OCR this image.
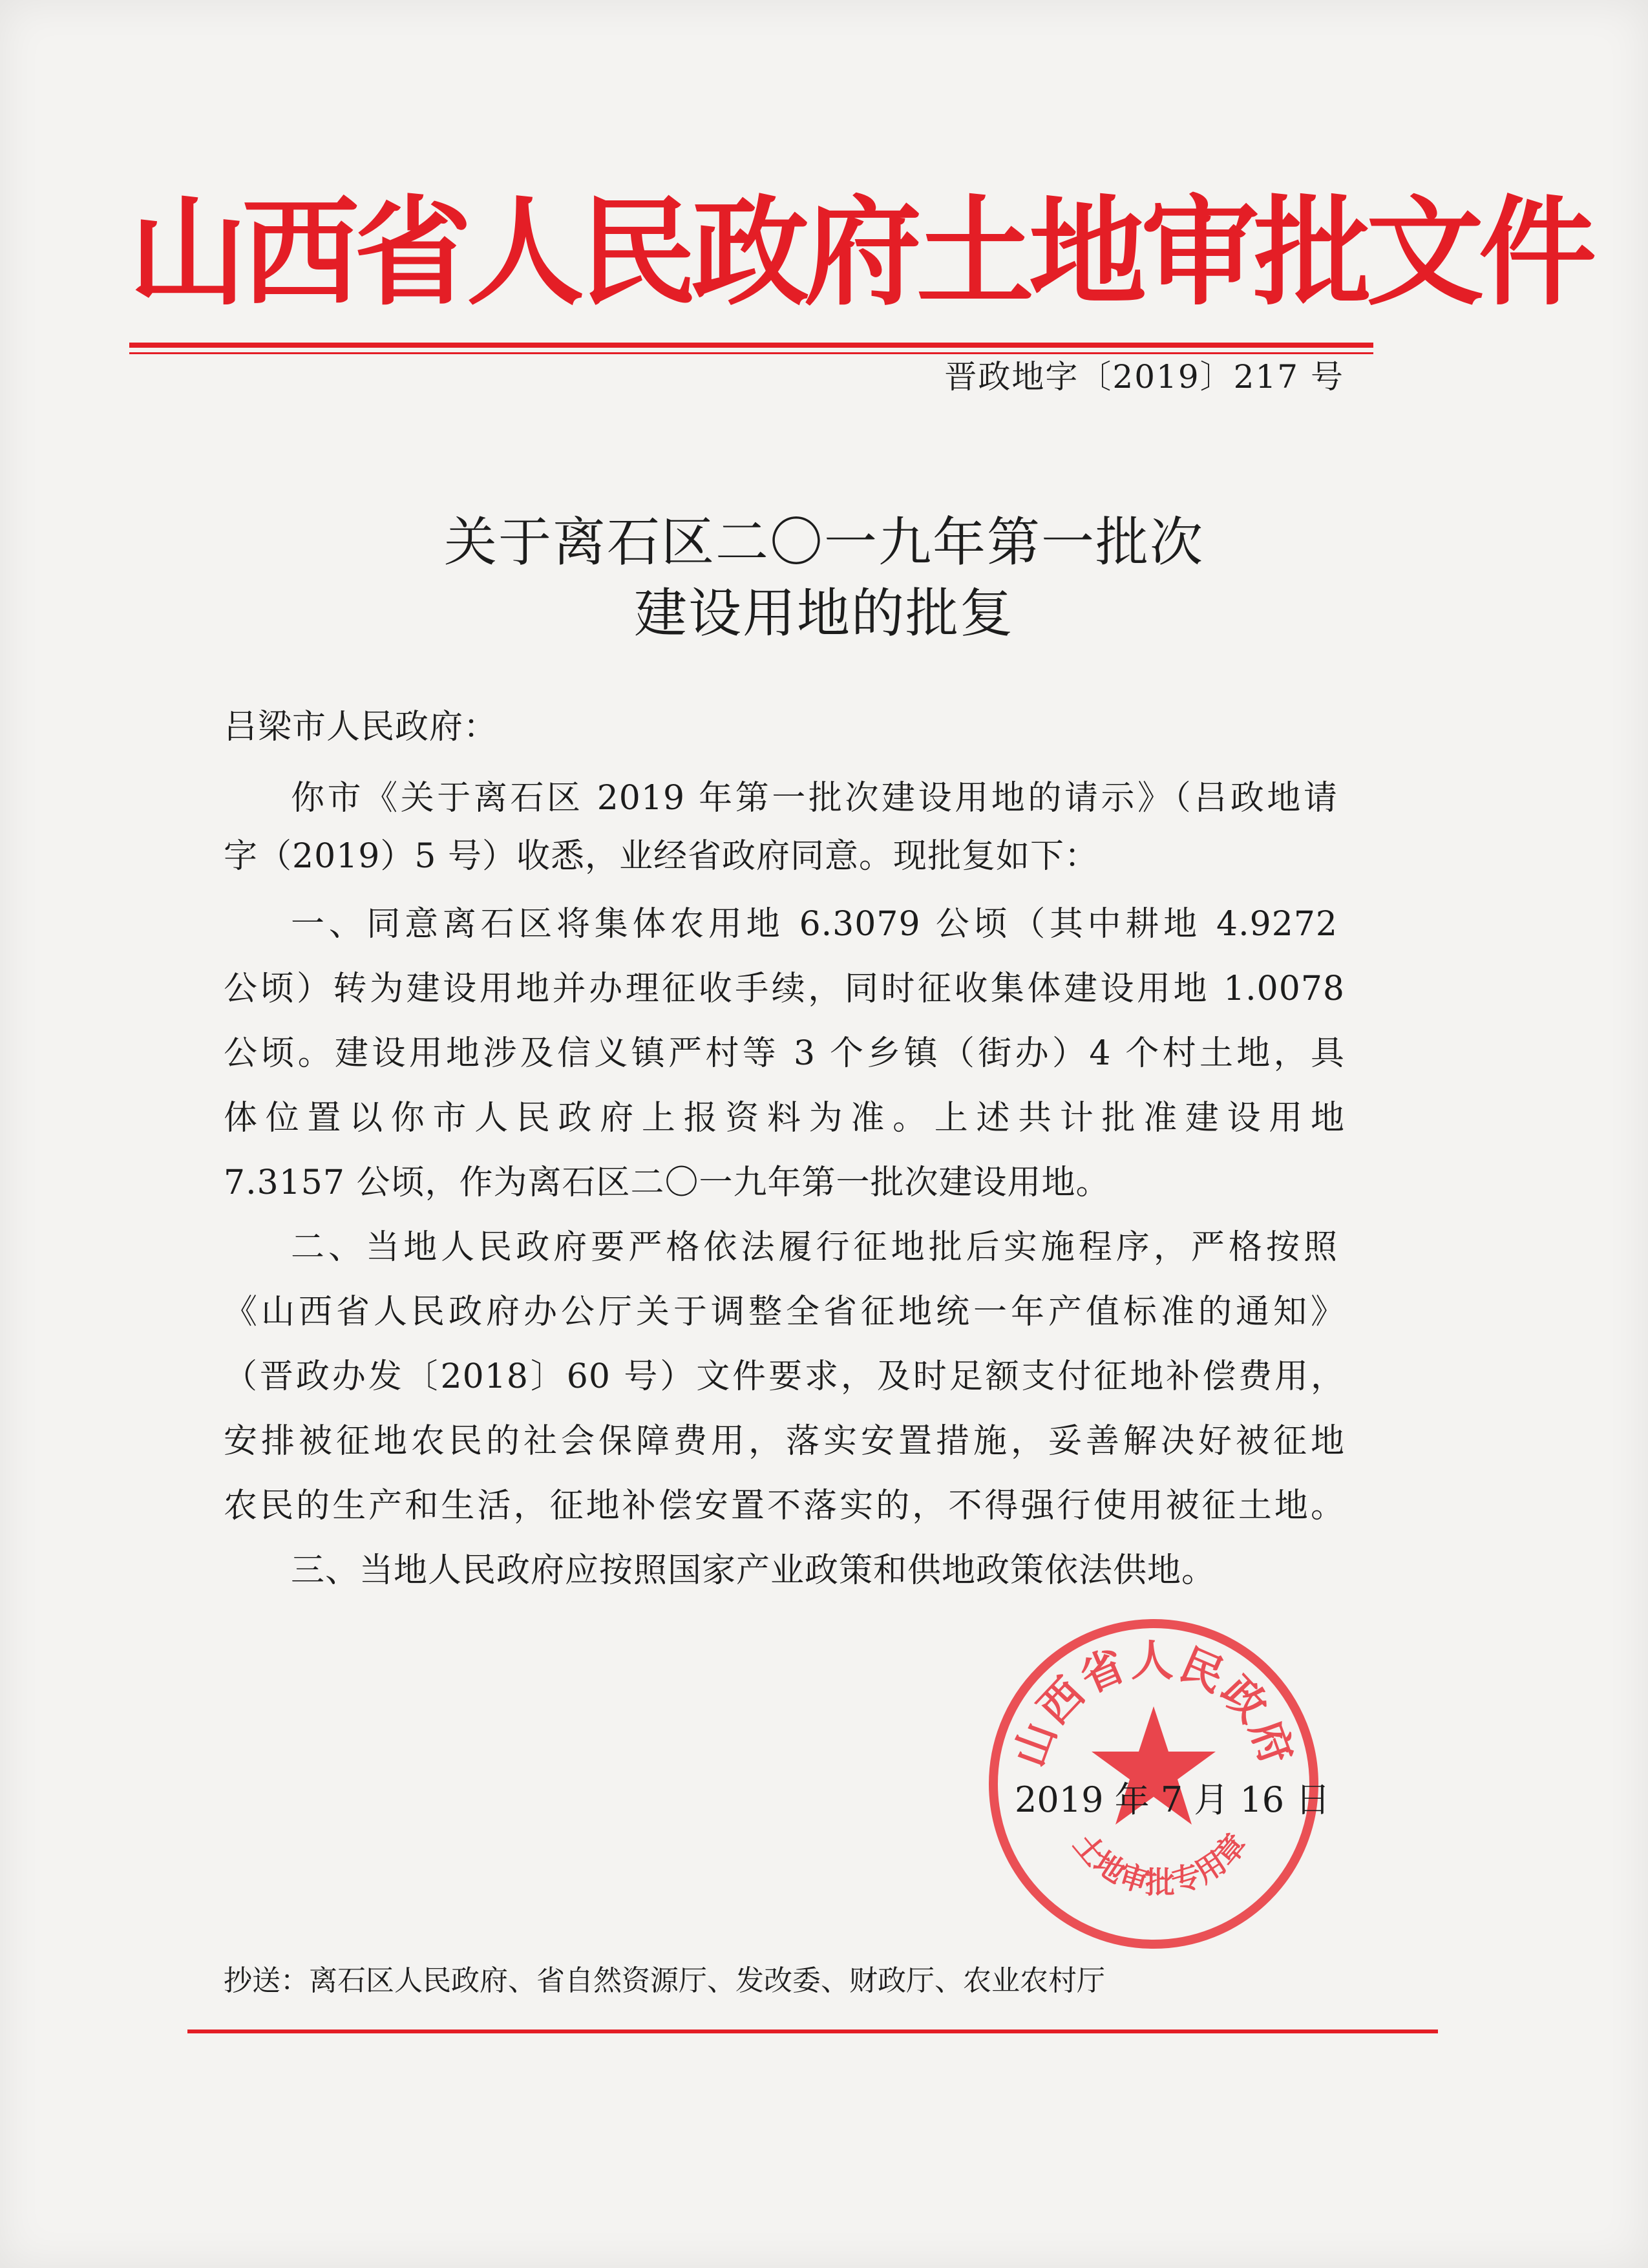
山西省人民政府土地审批文件
晋政地字〔2019〕217 号
关于离石区二〇一九年第一批次
建设用地的批复
吕梁市人民政府：
你市《关于离石区 2019 年第一批次建设用地的请示》（吕政地请
字（2019）5 号）收悉，业经省政府同意。现批复如下：
一、同意离石区将集体农用地 6.3079 公顷（其中耕地 4.9272
公顷）转为建设用地并办理征收手续，同时征收集体建设用地 1.0078
公顷。建设用地涉及信义镇严村等 3 个乡镇（街办）4 个村土地，具
体位置以你市人民政府上报资料为准。上述共计批准建设用地
7.3157 公顷，作为离石区二〇一九年第一批次建设用地。
二、当地人民政府要严格依法履行征地批后实施程序，严格按照
《山西省人民政府办公厅关于调整全省征地统一年产值标准的通知》
（晋政办发〔2018〕60 号）文件要求，及时足额支付征地补偿费用，
安排被征地农民的社会保障费用，落实安置措施，妥善解决好被征地
农民的生产和生活，征地补偿安置不落实的，不得强行使用被征土地。
三、当地人民政府应按照国家产业政策和供地政策依法供地。
山西省人民政府
土地审批专用章
2019 年 7 月 16 日
抄送：离石区人民政府、省自然资源厅、发改委、财政厅、农业农村厅
